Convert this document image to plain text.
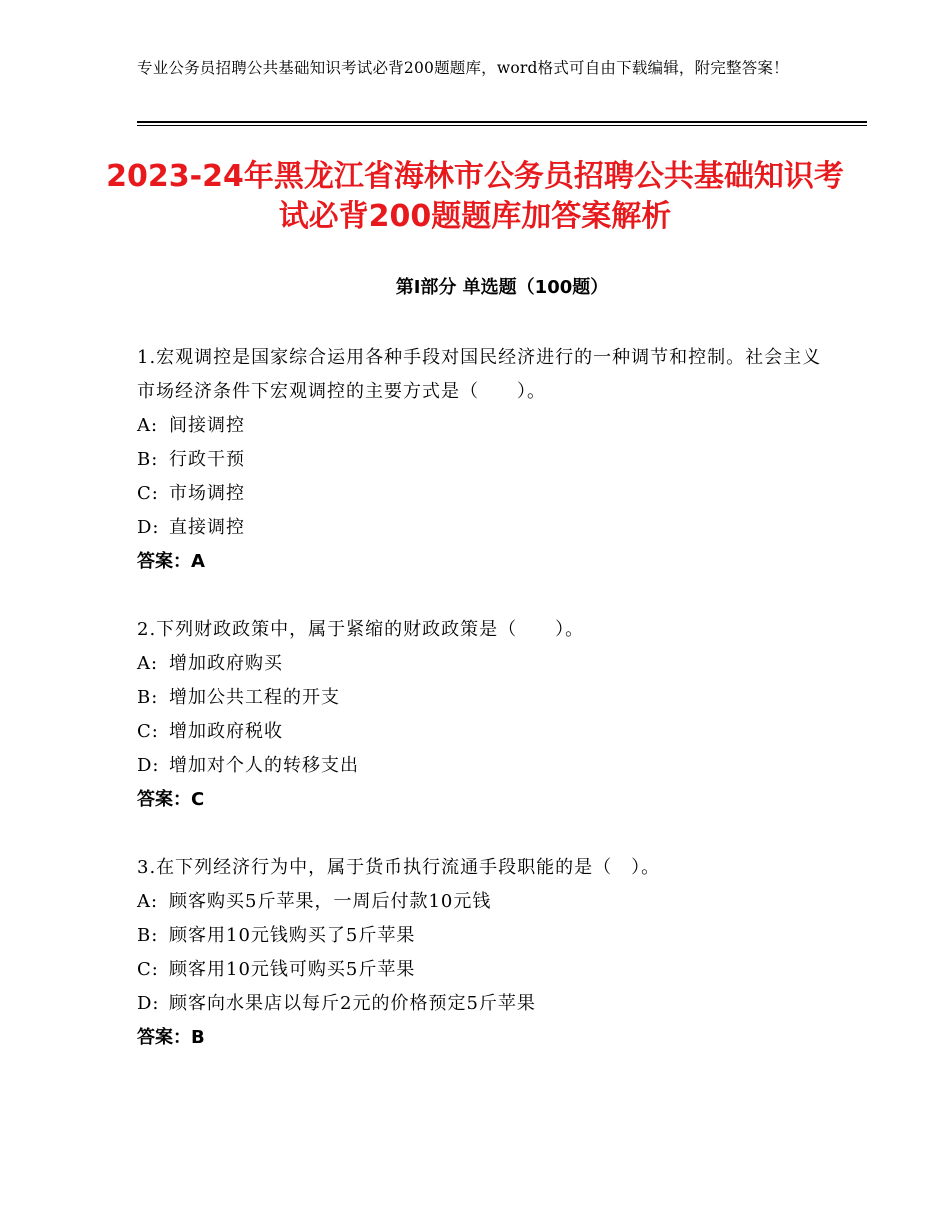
专业公务员招聘公共基础知识考试必背200题题库，word格式可自由下载编辑，附完整答案！
2023-24年黑龙江省海林市公务员招聘公共基础知识考试必背200题题库加答案解析
第Ⅰ部分 单选题（100题）
1.宏观调控是国家综合运用各种手段对国民经济进行的一种调节和控制。社会主义市场经济条件下宏观调控的主要方式是（　　）。
A: 间接调控
B: 行政干预
C: 市场调控
D: 直接调控
答案：A
2.下列财政政策中，属于紧缩的财政政策是（　　）。
A: 增加政府购买
B: 增加公共工程的开支
C: 增加政府税收
D: 增加对个人的转移支出
答案：C
3.在下列经济行为中，属于货币执行流通手段职能的是（　）。
A: 顾客购买5斤苹果，一周后付款10元钱
B: 顾客用10元钱购买了5斤苹果
C: 顾客用10元钱可购买5斤苹果
D: 顾客向水果店以每斤2元的价格预定5斤苹果
答案：B
